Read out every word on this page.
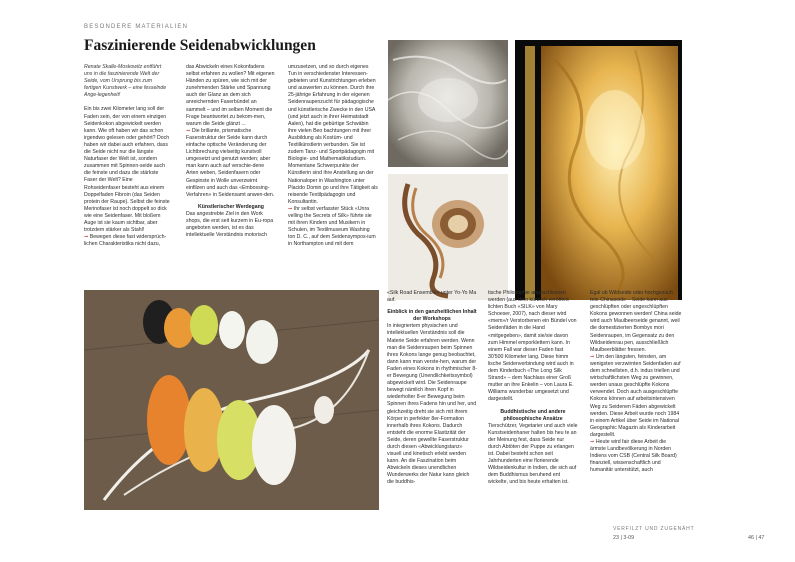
BESONDERE MATERIALIEN
Faszinierende Seidenabwicklungen

Renate Skalle-Moskowitz entführt uns in die faszinierende Welt der Seide, vom Ursprung bis zum fertigen Kunstwerk – eine fesselnde Ange-legenheit!

Ein bis zwei Kilometer lang soll der Faden sein, der von einem einzigen Seidenkokon abgewickelt werden kann. Wie oft haben wir das schon irgendwo gelesen oder gehört? Doch haben wir dabei auch erfahren, dass die Seide nicht nur die längste Naturfaser der Welt ist, sondern zusammen mit Spinnen-seide auch die feinste und dazu die stärkste Faser der Welt? Eine Rohseidenfaser besteht aus einem Doppelfaden Fibroin (das Seiden protein der Raupe). Selbst die feinste Merinofaser ist noch doppelt so dick wie eine Seidenfaser. Mit bloßem Auge ist sie kaum sichtbar, aber trotzdem stärker als Stahl!

➞ Bewegen diese fast widersprüch-lichen Charakteristika nicht dazu,

das Abwickeln eines Kokonfadens selbst erfahren zu wollen? Mit eigenen Händen zu spüren, wie sich mit der zunehmenden Stärke und Spannung auch der Glanz an dem sich anreichernden Faserbündel an sammelt – und im selben Moment die Frage beantwortet zu bekom-men, warum die Seide glänzt ...

➞ Die brillante, prismatische Faserstruktur der Seide kann durch einfache optische Veränderung der Lichtbrechung vielseitig kunstvoll umgesetzt und genutzt werden; aber man kann auch auf verschie-dene Arten weben, Seidenfasern oder Gespinste in Wolle unverzwirnt einfilzen und auch das «Embossing-Verfahren» in Seidensamt anwen-den.

Künstlerischer Werdegang

Das angestrebte Ziel in den Work shops, die erst seit kurzem in Eu-ropa angeboten werden, ist es das intellektuelle Verständnis motorisch

umzusetzen, und so durch eigenes Tun in verschiedenster Interessen-gebieten und Kunstrichtungen erleben und auswerten zu können. Durch ihre 25-jährige Erfahrung in der eigenen Seidenraupenzucht für pädagogische und künstlerische Zwecke in den USA (und jetzt auch in ihrer Heimatstadt Aalen), hat die gebürtige Schwäbin ihre vielen Beo bachtungen mit ihrer Ausbildung als Kostüm- und Textilkünstlerin verbunden. Sie ist zudem Tanz- und Sportpädagogin mit Biologie- und Mathematikstudium. Momentane Schwerpunkte der Künstlerin sind ihre Anstellung an der Nationaloper in Washington unter Placido Domin go und ihre Tätigkeit als reisende Textilpädagogin und Konsultantin.

➞ Ihr selbst verfasster Stück «Unra velling the Secrets of Silk» führte sie mit ihren Kindern und Musikern in Schulen, im Textilmuseum Washing ton D. C., auf dem Seidensympos-ium in Northampton und mit dem

«Silk Road Ensemble» unter Yo-Yo Ma auf.

Einblick in den ganzheitlichen Inhalt der Workshops

In integriertem physischen und intellektuellen Verständnis soll die Materie Seide erfahren werden. Wenn man die Seidenraupen beim Spinnen ihres Kokons lange genug beobachtet, dann kann man verste-hen, warum der Faden eines Kokons in rhythmischer 8-er Bewegung (Unendlichkeitssymbol) abgewickelt wird. Die Seidenraupe bewegt nämlich ihren Kopf in wiederholter 8-er Bewegung beim Spinnen ihres Fadens hin und her, und gleichzeitig dreht sie sich mit ihrem Körper in perfekter 8er-Formation innerhalb ihres Kokons. Dadurch entsteht die enorme Elastizität der Seide, deren gewellte Faserstruktur durch diesen «Abwicklungstanz» visuell und kinetisch erlebt werden kann. An die Faszination beim Abwickeln dieses unendlichen Wunderwerks der Natur kann gleich die buddhis-

tische Philosophie angeschlossen werden (aus dem kürzlich veröffent lichten Buch «SILK» von Mary Schoeser, 2007), nach dieser wird «mem»/r Verstorbenen ein Bündel von Seidenfäden in die Hand «mitgegeben», damit sie/sie davon zum Himmel emporklettern kann. In einem Fall war dieser Faden fast 30'500 Kilometer lang. Diese himm lische Seidenverbindung wird auch in dem Kinderbuch «The Long Silk Strand» – dem Nachlass einer Groß mutter an ihre Enkelin – von Laura E. Williams wunderbar umgesetzt und dargestellt.

Buddhistische und andere philosophische Ansätze

Tierschützer, Vegetarier und auch viele Kunstseidenhaner halten bis heu te an der Meinung fest, dass Seide nur durch Abtöten der Puppe zu erlangen ist. Dabei besteht schon seit Jahrhunderten eine florierende Wildseidenkultur in Indien, die sich auf dem Buddhismus beruhend ent wickelte, und bis heute erhalten ist.

Egal ob Wildseide oder hochgezüch tete Chinaseide – Seide kann aus geschlüpften oder ungeschlüpften Kokons gewonnen werden! China seide wird auch Maulbeerseide genannt, weil die domestizierten Bombyx mori Seidenraupen, im Gegensatz zu den Wildseidenrau pen, ausschließlich Maulbeerblätter fressen.

➞ Um den längsten, feinsten, am wenigsten verzwirnten Seidenfaden auf dem schnellsten, d.h. indus triellen und wirtschaftlichsten Weg zu gewinnen, werden unaus geschlüpfte Kokons verwendet. Doch auch ausgeschlüpfte Kokons können auf arbeitsintensiven Weg zu Seidenen Fäden abgewickelt werden. Diese Arbeit wurde noch 1984 in einem Artikel über Seide im National Geographic Magazin als Kinderarbeit dargestellt.

➞ Heute wird fair diese Arbeit die ärmste Landbevölkerung in Norden Indiens vom CSB (Central Silk Board) finanziell, wissenschaftlich und humanitär unterstützt, auch

VERFILZT UND ZUGENÄHT
23 | 3-09	46 | 47
